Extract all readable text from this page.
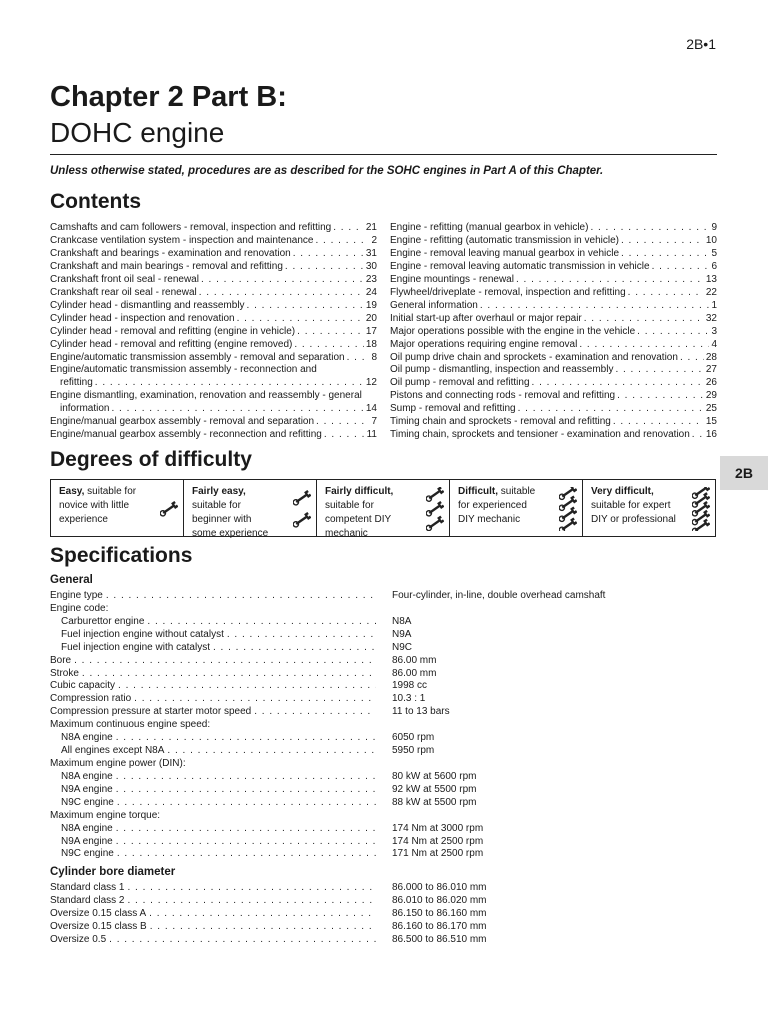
2B•1
Chapter 2 Part B:
DOHC engine
Unless otherwise stated, procedures are as described for the SOHC engines in Part A of this Chapter.
Contents
Camshafts and cam followers - removal, inspection and refitting . . .	21
Crankcase ventilation system - inspection and maintenance . . .	2
Crankshaft and bearings - examination and renovation . . .	31
Crankshaft and main bearings - removal and refitting . . .	30
Crankshaft front oil seal - renewal . . .	23
Crankshaft rear oil seal - renewal . . .	24
Cylinder head - dismantling and reassembly . . .	19
Cylinder head - inspection and renovation . . .	20
Cylinder head - removal and refitting (engine in vehicle) . . .	17
Cylinder head - removal and refitting (engine removed) . . .	18
Engine/automatic transmission assembly - removal and separation . . .	8
Engine/automatic transmission assembly - reconnection and
refitting . . .	12
Engine dismantling, examination, renovation and reassembly - general
information . . .	14
Engine/manual gearbox assembly - removal and separation . . .	7
Engine/manual gearbox assembly - reconnection and refitting . . .	11
Engine - refitting (manual gearbox in vehicle) . . .	9
Engine - refitting (automatic transmission in vehicle) . . .	10
Engine - removal leaving manual gearbox in vehicle . . .	5
Engine - removal leaving automatic transmission in vehicle . . .	6
Engine mountings - renewal . . .	13
Flywheel/driveplate - removal, inspection and refitting . . .	22
General information . . .	1
Initial start-up after overhaul or major repair . . .	32
Major operations possible with the engine in the vehicle . . .	3
Major operations requiring engine removal . . .	4
Oil pump drive chain and sprockets - examination and renovation . . .	28
Oil pump - dismantling, inspection and reassembly . . .	27
Oil pump - removal and refitting . . .	26
Pistons and connecting rods - removal and refitting . . .	29
Sump - removal and refitting . . .	25
Timing chain and sprockets - removal and refitting . . .	15
Timing chain, sprockets and tensioner - examination and renovation . . . 16
Degrees of difficulty
2B
Easy, suitable for novice with little experience
Fairly easy, suitable for beginner with some experience
Fairly difficult, suitable for competent DIY mechanic
Difficult, suitable for experienced DIY mechanic
Very difficult, suitable for expert DIY or professional
Specifications
General
Engine type . . .	Four-cylinder, in-line, double overhead camshaft
Engine code:
Carburettor engine . . .	N8A
Fuel injection engine without catalyst . . .	N9A
Fuel injection engine with catalyst . . .	N9C
Bore . . .	86.00 mm
Stroke . . .	86.00 mm
Cubic capacity . . .	1998 cc
Compression ratio . . .	10.3 : 1
Compression pressure at starter motor speed . . .	11 to 13 bars
Maximum continuous engine speed:
N8A engine . . .	6050 rpm
All engines except N8A . . .	5950 rpm
Maximum engine power (DIN):
N8A engine . . .	80 kW at 5600 rpm
N9A engine . . .	92 kW at 5500 rpm
N9C engine . . .	88 kW at 5500 rpm
Maximum engine torque:
N8A engine . . .	174 Nm at 3000 rpm
N9A engine . . .	174 Nm at 2500 rpm
N9C engine . . .	171 Nm at 2500 rpm
Cylinder bore diameter
Standard class 1 . . .	86.000 to 86.010 mm
Standard class 2 . . .	86.010 to 86.020 mm
Oversize 0.15 class A . . .	86.150 to 86.160 mm
Oversize 0.15 class B . . .	86.160 to 86.170 mm
Oversize 0.5 . . .	86.500 to 86.510 mm
